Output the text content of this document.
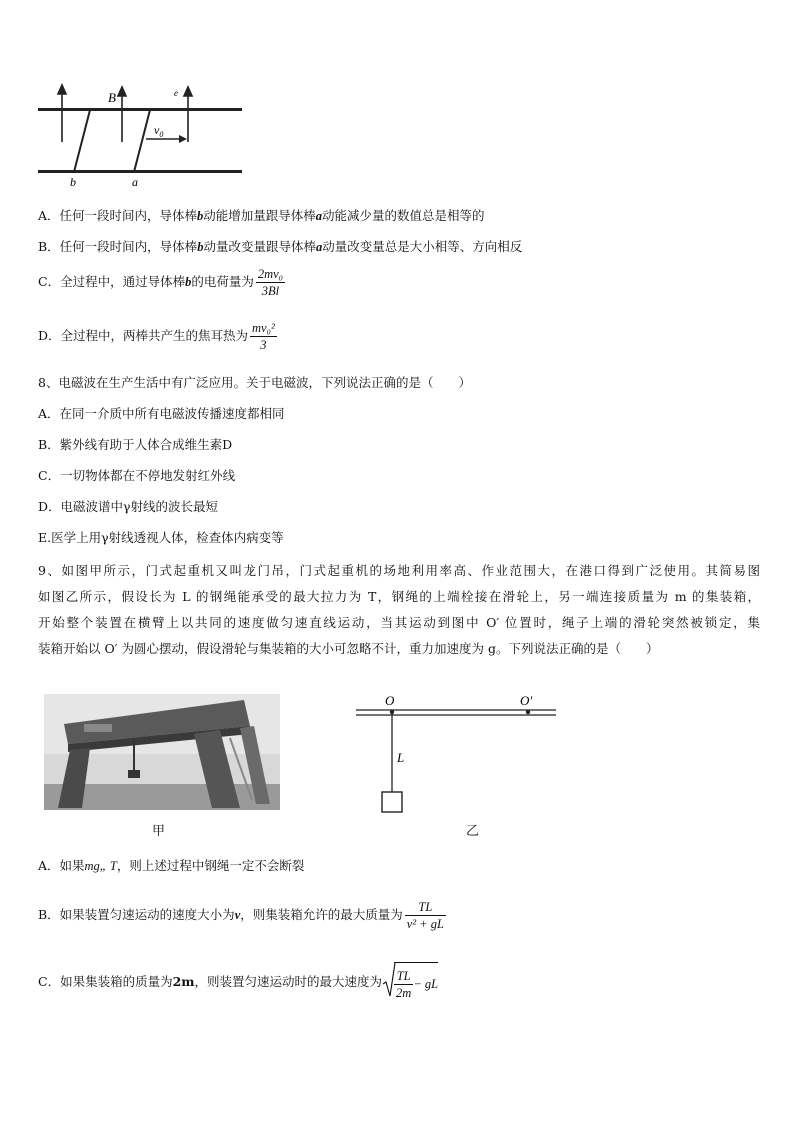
B	e
$v_0$
b	a
A．任何一段时间内，导体棒b动能增加量跟导体棒a动能减少量的数值总是相等的
B．任何一段时间内，导体棒b动量改变量跟导体棒a动量改变量总是大小相等、方向相反
C．全过程中，通过导体棒b的电荷量为 $\frac{\text{2mv₀}}{3Bl}$
D．全过程中，两棒共产生的焦耳热为 $\frac{\text{mv₀²}}{3}$
8、电磁波在生产生活中有广泛应用。关于电磁波，下列说法正确的是（　　）
A．在同一介质中所有电磁波传播速度都相同
B．紫外线有助于人体合成维生素D
C．一切物体都在不停地发射红外线
D．电磁波谱中γ射线的波长最短
E.医学上用γ射线透视人体，检查体内病变等

9、如图甲所示，门式起重机又叫龙门吊，门式起重机的场地利用率高、作业范围大，在港口得到广泛使用。其简易图

如图乙所示，假设长为 L 的钢绳能承受的最大拉力为 T，钢绳的上端栓接在滑轮上，另一端连接质量为 m 的集装箱，

开始整个装置在横臂上以共同的速度做匀速直线运动，当其运动到图中 O′ 位置时，绳子上端的滑轮突然被锁定，集

装箱开始以 O′ 为圆心摆动，假设滑轮与集装箱的大小可忽略不计，重力加速度为 g。下列说法正确的是（　　）

甲
O	O′
L
乙
A．如果mg„ T，则上述过程中钢绳一定不会断裂
B．如果装置匀速运动的速度大小为v，则集装箱允许的最大质量为 $\frac{TL}{\text{v² + gL}}$
C．如果集装箱的质量为2m，则装置匀速运动时的最大速度为 $\frac{TL}{2m}$ − gL
